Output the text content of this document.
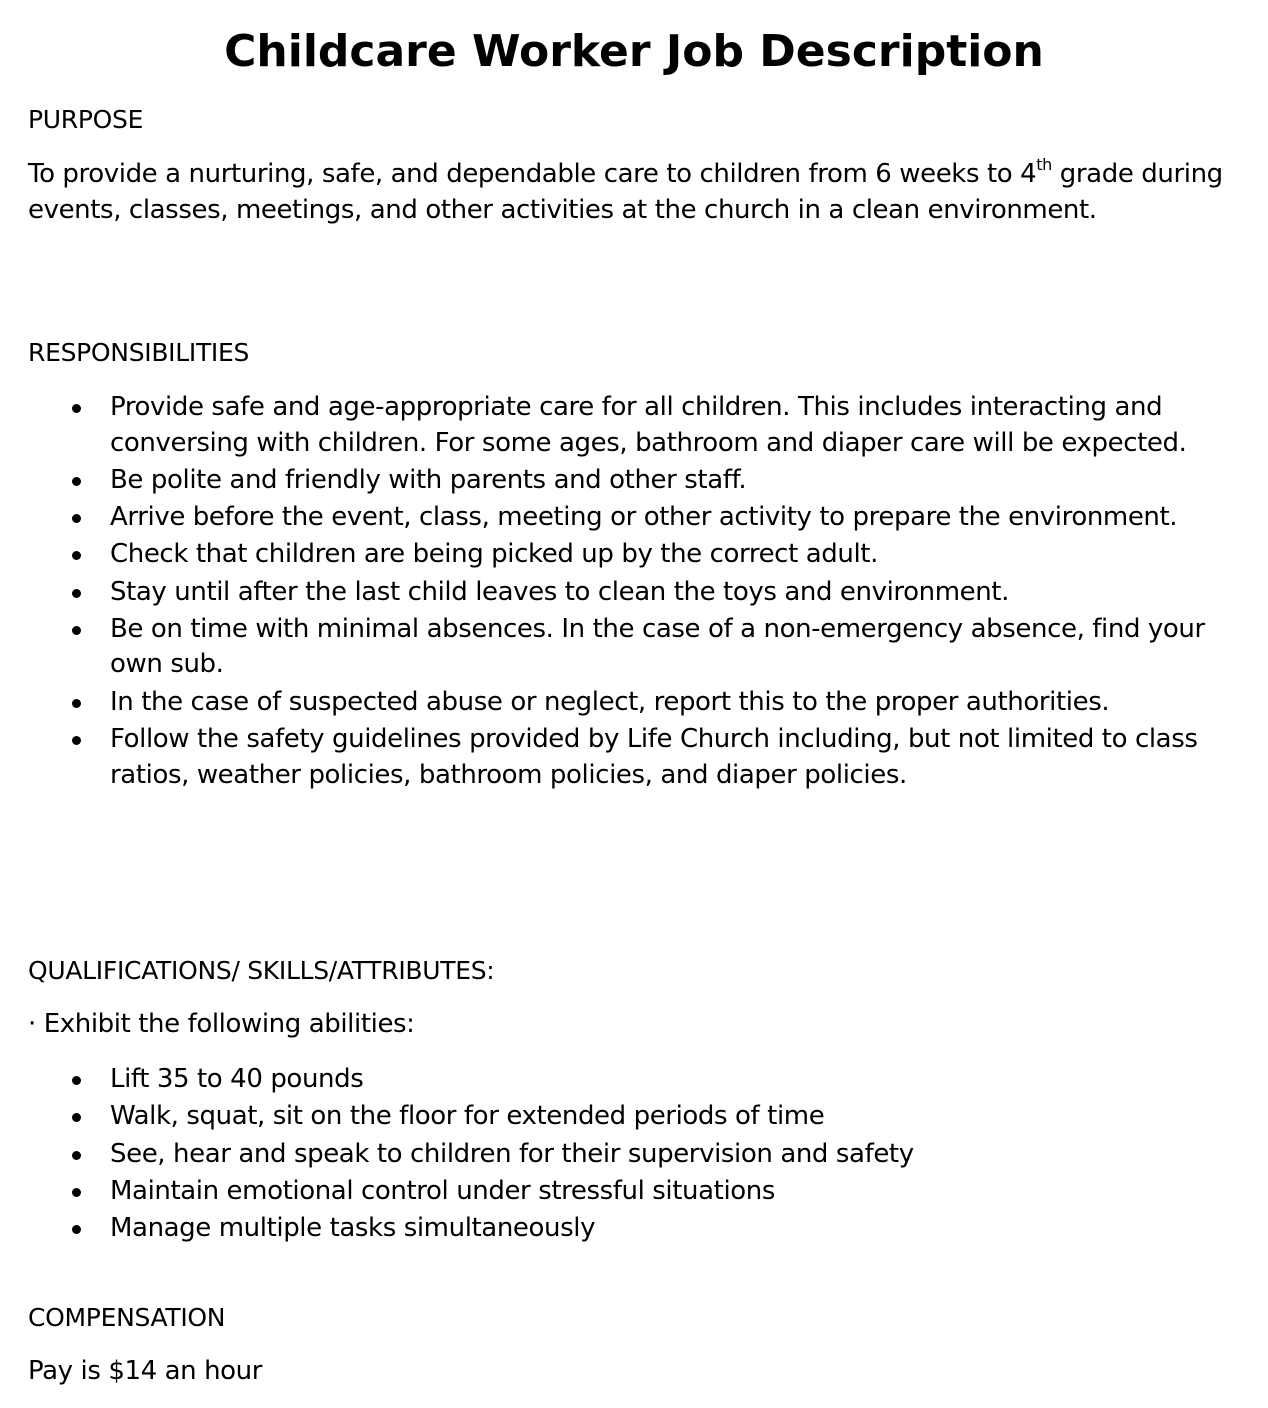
Childcare Worker Job Description
PURPOSE

To provide a nurturing, safe, and dependable care to children from 6 weeks to 4th grade during events, classes, meetings, and other activities at the church in a clean environment.

RESPONSIBILITIES
Provide safe and age-appropriate care for all children. This includes interacting and conversing with children. For some ages, bathroom and diaper care will be expected.
Be polite and friendly with parents and other staff.
Arrive before the event, class, meeting or other activity to prepare the environment.
Check that children are being picked up by the correct adult.
Stay until after the last child leaves to clean the toys and environment.
Be on time with minimal absences. In the case of a non-emergency absence, find your own sub.
In the case of suspected abuse or neglect, report this to the proper authorities.
Follow the safety guidelines provided by Life Church including, but not limited to class ratios, weather policies, bathroom policies, and diaper policies.
QUALIFICATIONS/ SKILLS/ATTRIBUTES:

· Exhibit the following abilities:

Lift 35 to 40 pounds
Walk, squat, sit on the floor for extended periods of time
See, hear and speak to children for their supervision and safety
Maintain emotional control under stressful situations
Manage multiple tasks simultaneously
COMPENSATION

Pay is $14 an hour
